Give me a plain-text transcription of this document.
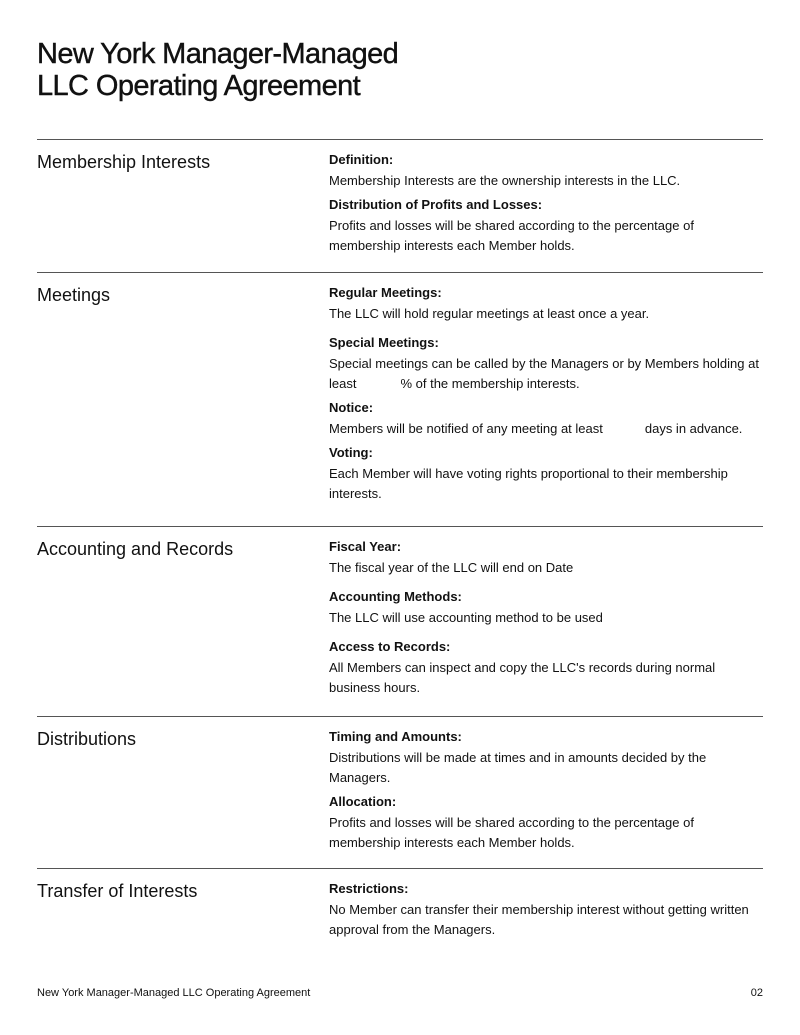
New York Manager-Managed
LLC Operating Agreement
Membership Interests	Definition:

Membership Interests are the ownership interests in the LLC.

Distribution of Profits and Losses:

Profits and losses will be shared according to the percentage of membership interests each Member holds.

Meetings	Regular Meetings:

The LLC will hold regular meetings at least once a year.

Special Meetings:

Special meetings can be called by the Managers or by Members holding at least	% of the membership interests.

Notice:

Members will be notified of any meeting at least	days in advance.

Voting:

Each Member will have voting rights proportional to their membership interests.

Accounting and Records	Fiscal Year:

The fiscal year of the LLC will end on Date

Accounting Methods:

The LLC will use accounting method to be used

Access to Records:

All Members can inspect and copy the LLC's records during normal business hours.

Distributions	Timing and Amounts:

Distributions will be made at times and in amounts decided by the Managers.

Allocation:

Profits and losses will be shared according to the percentage of membership interests each Member holds.

Transfer of Interests	Restrictions:

No Member can transfer their membership interest without getting written approval from the Managers.

New York Manager-Managed LLC Operating Agreement	02
